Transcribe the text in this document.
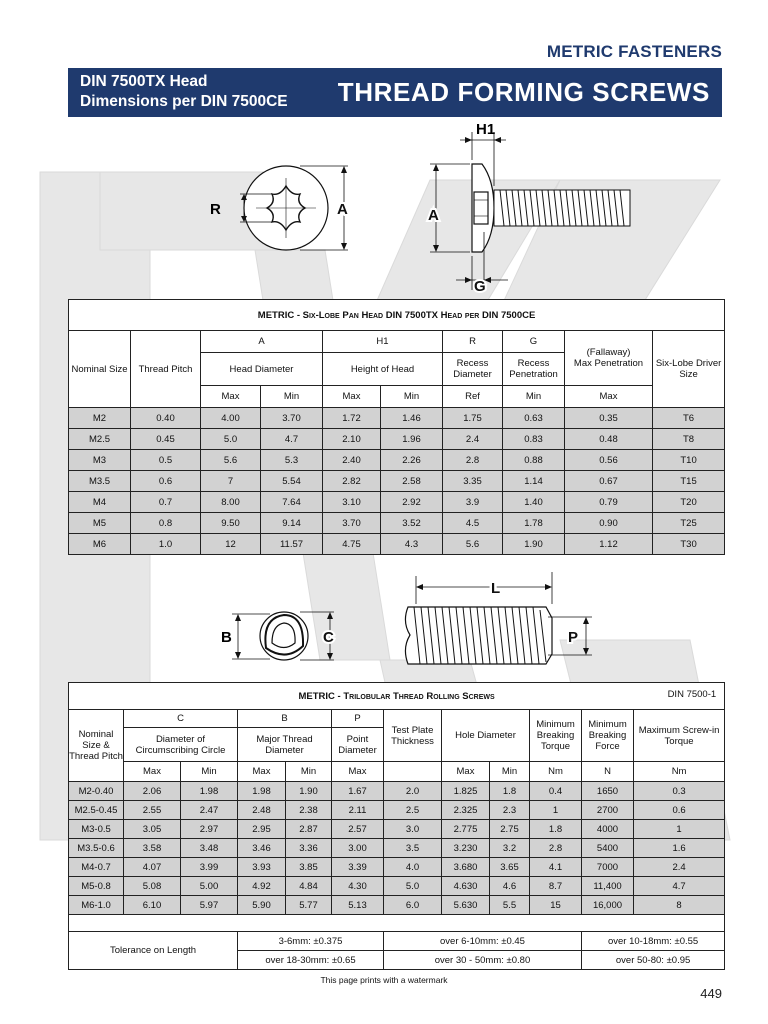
METRIC FASTENERS
DIN 7500TX Head
Dimensions per DIN 7500CE THREAD FORMING SCREWS
R	A
H1
A
G
METRIC - Six-Lobe Pan Head DIN 7500TX Head per DIN 7500CE									
Nominal Size	Thread Pitch	A		H1		R	G	(Fallaway)
Max Penetration	Six-Lobe Driver Size
		Head Diameter		Height of Head		Recess Diameter	Recess Penetration		
		Max	Min	Max	Min	Ref	Min	Max	
M2	0.40	4.00	3.70	1.72	1.46	1.75	0.63	0.35	T6
M2.5	0.45	5.0	4.7	2.10	1.96	2.4	0.83	0.48	T8
M3	0.5	5.6	5.3	2.40	2.26	2.8	0.88	0.56	T10
M3.5	0.6	7	5.54	2.82	2.58	3.35	1.14	0.67	T15
M4	0.7	8.00	7.64	3.10	2.92	3.9	1.40	0.79	T20
M5	0.8	9.50	9.14	3.70	3.52	4.5	1.78	0.90	T25
M6	1.0	12	11.57	4.75	4.3	5.6	1.90	1.12	T30
B	C
L
P
METRIC - Trilobular Thread Rolling Screws DIN 7500-1											

Nominal Size & Thread Pitch	C		B		P	Test Plate Thickness	Hole Diameter		Minimum Breaking Torque	Minimum Breaking Force	Maximum Screw-in Torque
	Diameter of Circumscribing Circle		Major Thread Diameter		Point Diameter						
	Max	Min	Max	Min	Max		Max	Min	Nm	N	Nm
M2-0.40	2.06	1.98	1.98	1.90	1.67	2.0	1.825	1.8	0.4	1650	0.3
M2.5-0.45	2.55	2.47	2.48	2.38	2.11	2.5	2.325	2.3	1	2700	0.6
M3-0.5	3.05	2.97	2.95	2.87	2.57	3.0	2.775	2.75	1.8	4000	1
M3.5-0.6	3.58	3.48	3.46	3.36	3.00	3.5	3.230	3.2	2.8	5400	1.6
M4-0.7	4.07	3.99	3.93	3.85	3.39	4.0	3.680	3.65	4.1	7000	2.4
M5-0.8	5.08	5.00	4.92	4.84	4.30	5.0	4.630	4.6	8.7	11,400	4.7
M6-1.0	6.10	5.97	5.90	5.77	5.13	6.0	5.630	5.5	15	16,000	8

Tolerance on Length			3-6mm: ±0.375			over 6-10mm: ±0.45				over 10-18mm: ±0.55	
			over 18-30mm: ±0.65			over 30 - 50mm: ±0.80				over 50-80: ±0.95	
This page prints with a watermark
449
